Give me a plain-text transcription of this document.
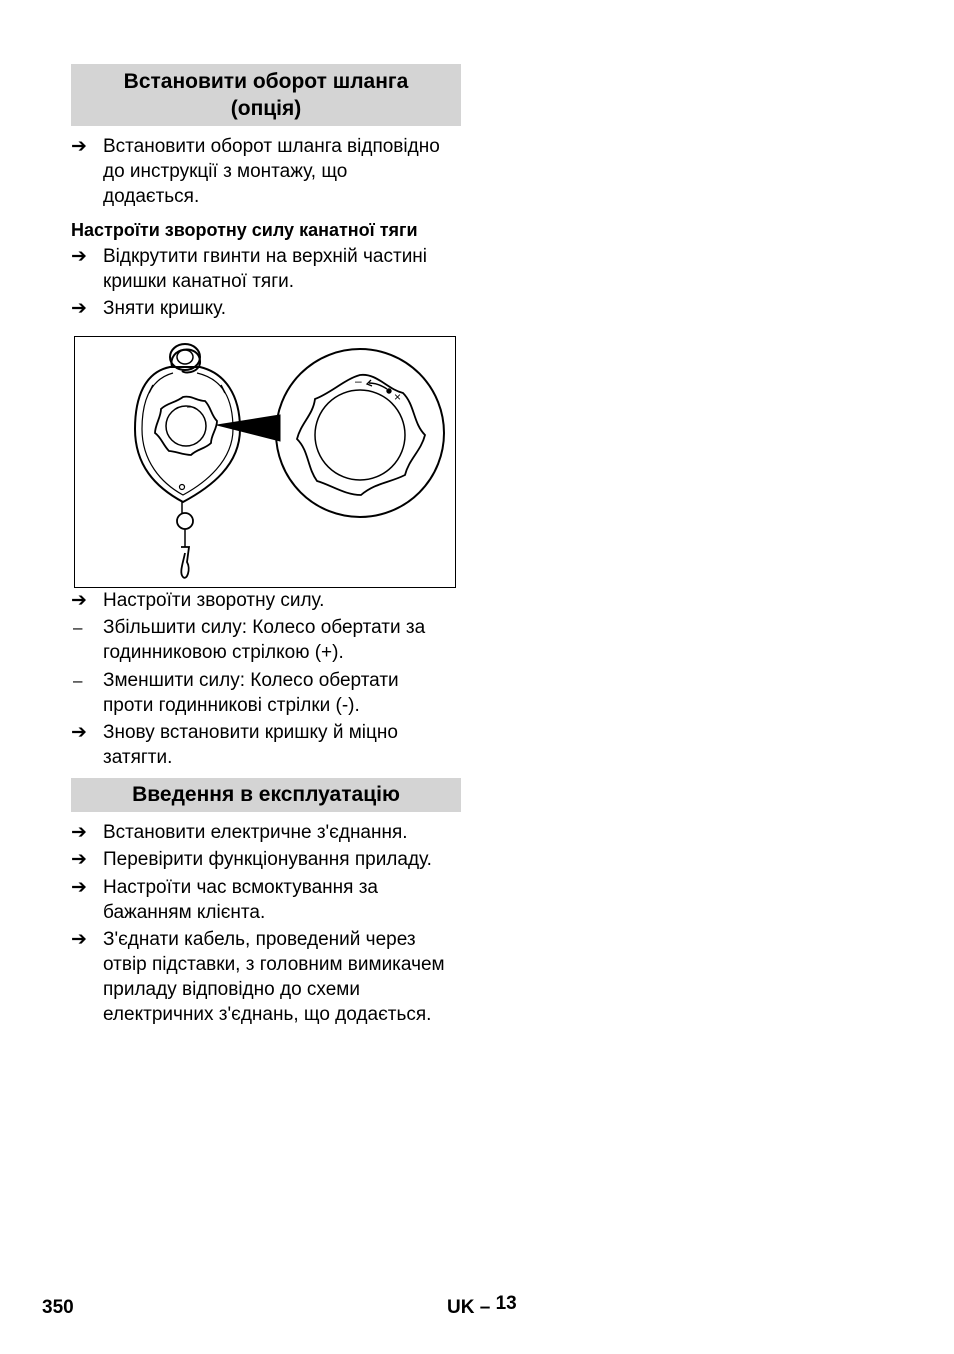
Встановити оборот шланга
(опція)
➔ Встановити оборот шланга відповідно до инструкції з монтажу, що додається.
Настроїти зворотну силу канатної тяги
➔ Відкрутити гвинти на верхній частині кришки канатної тяги.
➔ Зняти кришку.
–
–
×
➔ Настроїти зворотну силу.
–	Збільшити силу: Колесо обертати за годинниковою стрілкою (+).
–	Зменшити силу: Колесо обертати проти годинникові стрілки (-).
➔ Знову встановити кришку й міцно затягти.
Введення в експлуатацію
➔ Встановити електричне з'єднання.
➔ Перевірити функціонування приладу.
➔ Настроїти час всмоктування за бажанням клієнта.
➔ З'єднати кабель, проведений через отвір підставки, з головним вимикачем приладу відповідно до схеми електричних з'єднань, що додається.
350	UK – 13
